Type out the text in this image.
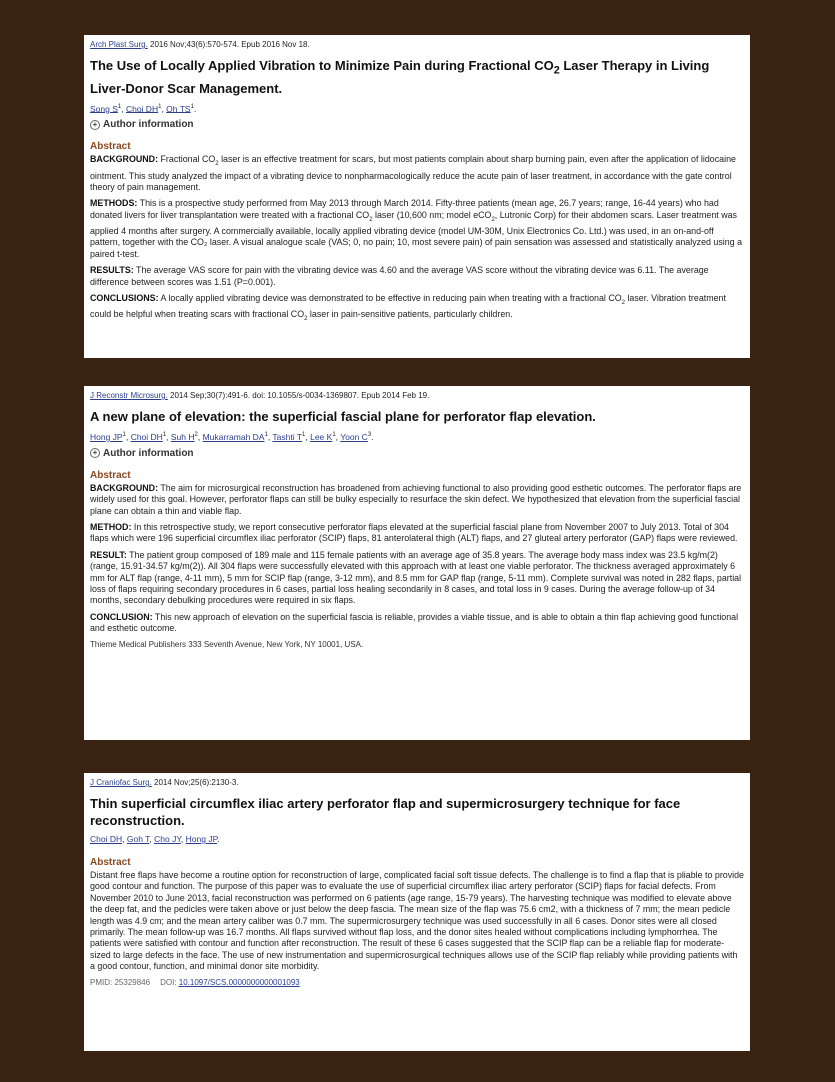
Arch Plast Surg. 2016 Nov;43(6):570-574. Epub 2016 Nov 18.
The Use of Locally Applied Vibration to Minimize Pain during Fractional $CO_2$ Laser Therapy in Living Liver-Donor Scar Management.
Song $S^1$, Choi $DH^1$, Oh $TS^1$.
+ Author information
Abstract

BACKGROUND: Fractional $CO_2$ laser is an effective treatment for scars, but most patients complain about sharp burning pain, even after the application of lidocaine ointment. This study analyzed the impact of a vibrating device to nonpharmacologically reduce the acute pain of laser treatment, in accordance with the gate control theory of pain management.

METHODS: This is a prospective study performed from May 2013 through March 2014. Fifty-three patients (mean age, 26.7 years; range, 16-44 years) who had donated livers for liver transplantation were treated with a fractional $CO_2$ laser (10,600 nm; model eCO$_2$, Lutronic Corp) for their abdomen scars. Laser treatment was applied 4 months after surgery. A commercially available, locally applied vibrating device (model UM-30M, Unix Electronics Co. Ltd.) was used, in an on-and-off pattern, together with the CO₂ laser. A visual analogue scale (VAS; 0, no pain; 10, most severe pain) of pain sensation was assessed and statistically analyzed using a paired t-test.

RESULTS: The average VAS score for pain with the vibrating device was 4.60 and the average VAS score without the vibrating device was 6.11. The average difference between scores was 1.51 (P=0.001).

CONCLUSIONS: A locally applied vibrating device was demonstrated to be effective in reducing pain when treating with a fractional $CO_2$ laser. Vibration treatment could be helpful when treating scars with fractional $CO_2$ laser in pain-sensitive patients, particularly children.

J Reconstr Microsurg. 2014 Sep;30(7):491-6. doi: 10.1055/s-0034-1369807. Epub 2014 Feb 19.
A new plane of elevation: the superficial fascial plane for perforator flap elevation.
Hong $JP^1$, Choi $DH^1$, Suh $H^2$, Mukarramah $DA^1$, Tashti $T^1$, Lee $K^1$, Yoon $C^3$.
+ Author information
Abstract

BACKGROUND: The aim for microsurgical reconstruction has broadened from achieving functional to also providing good esthetic outcomes. The perforator flaps are widely used for this goal. However, perforator flaps can still be bulky especially to resurface the skin defect. We hypothesized that elevation from the superficial fascial plane can obtain a thin and viable flap.

METHOD: In this retrospective study, we report consecutive perforator flaps elevated at the superficial fascial plane from November 2007 to July 2013. Total of 304 flaps which were 196 superficial circumflex iliac perforator (SCIP) flaps, 81 anterolateral thigh (ALT) flaps, and 27 gluteal artery perforator (GAP) flaps were reviewed.

RESULT: The patient group composed of 189 male and 115 female patients with an average age of 35.8 years. The average body mass index was 23.5 kg/m(2) (range, 15.91-34.57 kg/m(2)). All 304 flaps were successfully elevated with this approach with at least one viable perforator. The thickness averaged approximately 6 mm for ALT flap (range, 4-11 mm), 5 mm for SCIP flap (range, 3-12 mm), and 8.5 mm for GAP flap (range, 5-11 mm). Complete survival was noted in 282 flaps, partial loss of flaps requiring secondary procedures in 6 cases, partial loss healing secondarily in 8 cases, and total loss in 9 cases. During the average follow-up of 34 months, secondary debulking procedures were required in six flaps.

CONCLUSION: This new approach of elevation on the superficial fascia is reliable, provides a viable tissue, and is able to obtain a thin flap achieving good functional and esthetic outcome.

Thieme Medical Publishers 333 Seventh Avenue, New York, NY 10001, USA.
J Craniofac Surg. 2014 Nov;25(6):2130-3.
Thin superficial circumflex iliac artery perforator flap and supermicrosurgery technique for face reconstruction.
Choi DH, Goh T, Cho JY, Hong JP.
Abstract

Distant free flaps have become a routine option for reconstruction of large, complicated facial soft tissue defects. The challenge is to find a flap that is pliable to provide good contour and function. The purpose of this paper was to evaluate the use of superficial circumflex iliac artery perforator (SCIP) flaps for facial defects. From November 2010 to June 2013, facial reconstruction was performed on 6 patients (age range, 15-79 years). The harvesting technique was modified to elevate above the deep fat, and the pedicles were taken above or just below the deep fascia. The mean size of the flap was 75.6 cm2, with a thickness of 7 mm; the mean pedicle length was 4.9 cm; and the mean artery caliber was 0.7 mm. The supermicrosurgery technique was used successfully in all 6 cases. Donor sites were all closed primarily. The mean follow-up was 16.7 months. All flaps survived without flap loss, and the donor sites healed without complications including lymphorrhea. The patients were satisfied with contour and function after reconstruction. The result of these 6 cases suggested that the SCIP flap can be a reliable flap for moderate-sized to large defects in the face. The use of new instrumentation and supermicrosurgical techniques allows use of the SCIP flap reliably while providing patients with a good contour, function, and minimal donor site morbidity.

PMID: 25329846 DOI: 10.1097/SCS.0000000000001093
